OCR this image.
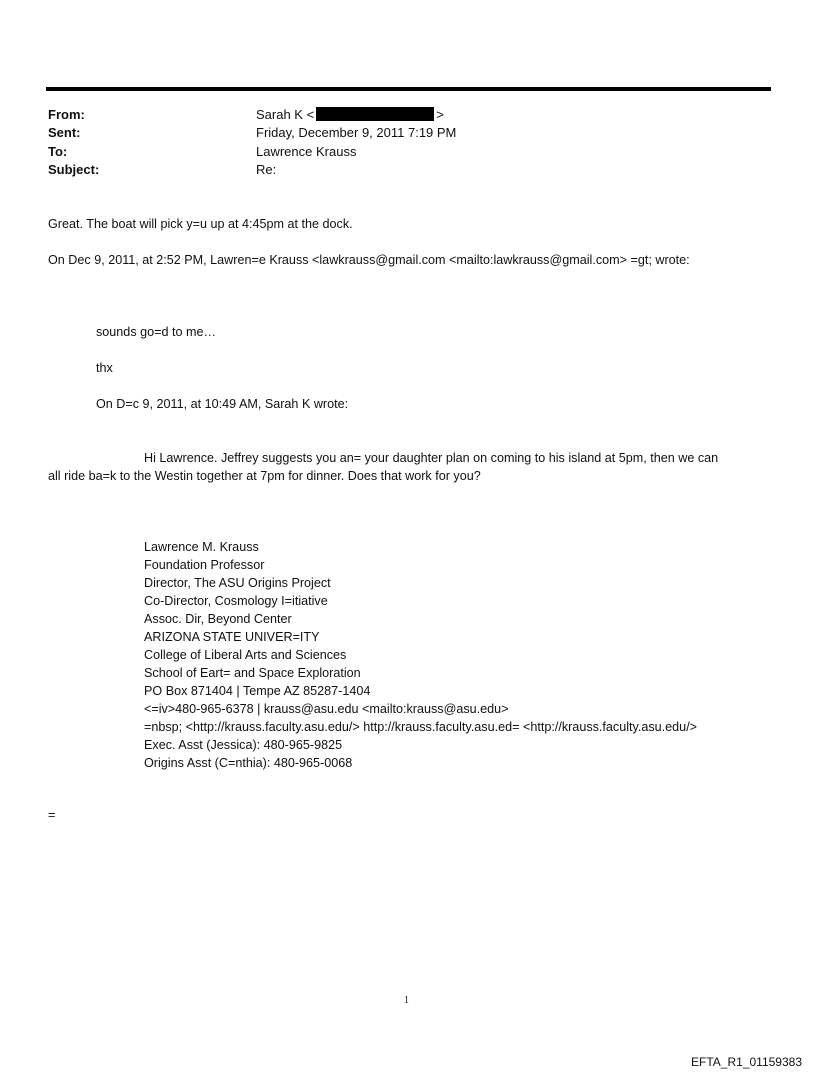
From:	Sarah K <	>
Sent:	Friday, December 9, 2011 7:19 PM
To:	Lawrence Krauss
Subject:	Re:
Great. The boat will pick y=u up at 4:45pm at the dock.
On Dec 9, 2011, at 2:52 PM, Lawren=e Krauss <lawkrauss@gmail.com <mailto:lawkrauss@gmail.com> =gt; wrote:
sounds go=d to me…
thx
On D=c 9, 2011, at 10:49 AM, Sarah K wrote:
Hi Lawrence. Jeffrey suggests you an= your daughter plan on coming to his island at 5pm, then we can
all ride ba=k to the Westin together at 7pm for dinner. Does that work for you?
Lawrence M. Krauss
Foundation Professor
Director, The ASU Origins Project
Co-Director, Cosmology I=itiative
Assoc. Dir, Beyond Center
ARIZONA STATE UNIVER=ITY
College of Liberal Arts and Sciences
School of Eart= and Space Exploration
PO Box 871404 | Tempe AZ 85287-1404
<=iv>480-965-6378 | krauss@asu.edu <mailto:krauss@asu.edu>
=nbsp; <http://krauss.faculty.asu.edu/> http://krauss.faculty.asu.ed= <http://krauss.faculty.asu.edu/>
Exec. Asst (Jessica): 480-965-9825
Origins Asst (C=nthia): 480-965-0068
=
1
EFTA_R1_01159383
